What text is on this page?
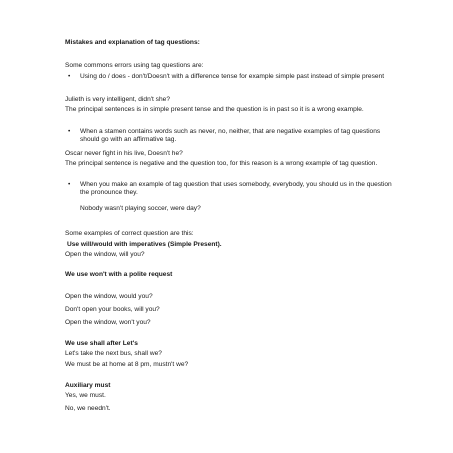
Mistakes and explanation of tag questions:
Some commons errors using tag questions are:
• Using do / does - don't/Doesn't with a difference tense for example simple past instead of simple present
Julieth is very intelligent, didn't she?
The principal sentences is in simple present tense and the question is in past so it is a wrong example.
• When a stamen contains words such as never, no, neither, that are negative examples of tag questions should go with an affirmative tag.
Oscar never fight in his live, Doesn't he?
The principal sentence is negative and the question too, for this reason is a wrong example of tag question.
• When you make an example of tag question that uses somebody, everybody, you should us in the question the pronounce they.
Nobody wasn't playing soccer, were day?
Some examples of correct question are this:
Use will/would with imperatives (Simple Present).
Open the window, will you?
We use won't with a polite request
Open the window, would you?
Don't open your books, will you?
Open the window, won't you?
We use shall after Let's
Let's take the next bus, shall we?
We must be at home at 8 pm, mustn't we?
Auxiliary must
Yes, we must.
No, we needn't.
